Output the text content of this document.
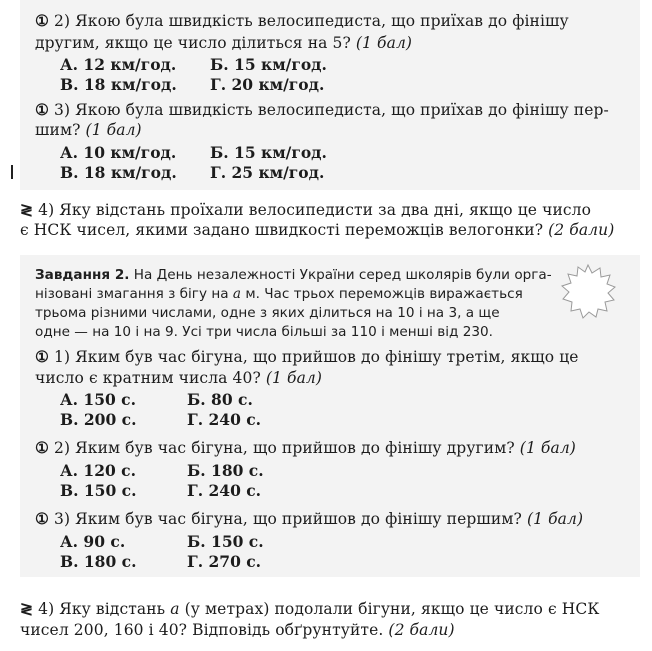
① 2) Якою була швидкість велосипедиста, що приїхав до фінішу
другим, якщо це число ділиться на 5? (1 бал)
А. 12 км/год. Б. 15 км/год.
В. 18 км/год. Г. 20 км/год.
① 3) Якою була швидкість велосипедиста, що приїхав до фінішу пер-
шим? (1 бал)
А. 10 км/год. Б. 15 км/год.
В. 18 км/год. Г. 25 км/год.
≷ 4) Яку відстань проїхали велосипедисти за два дні, якщо це число
є НСК чисел, якими задано швидкості переможців велогонки? (2 бали)
Завдання 2. На День незалежності України серед школярів були орга-
нізовані змагання з бігу на а м. Час трьох переможців виражається
трьома різними числами, одне з яких ділиться на 10 і на 3, а ще
одне — на 10 і на 9. Усі три числа більші за 110 і менші від 230.
① 1) Яким був час бігуна, що прийшов до фінішу третім, якщо це
число є кратним числа 40? (1 бал)
А. 150 с.	Б. 80 с.
В. 200 с.	Г. 240 с.
① 2) Яким був час бігуна, що прийшов до фінішу другим? (1 бал)
А. 120 с.	Б. 180 с.
В. 150 с.	Г. 240 с.
① 3) Яким був час бігуна, що прийшов до фінішу першим? (1 бал)
А. 90 с.	Б. 150 с.
В. 180 с.	Г. 270 с.
≷ 4) Яку відстань а (у метрах) подолали бігуни, якщо це число є НСК
чисел 200, 160 і 40? Відповідь обґрунтуйте. (2 бали)
